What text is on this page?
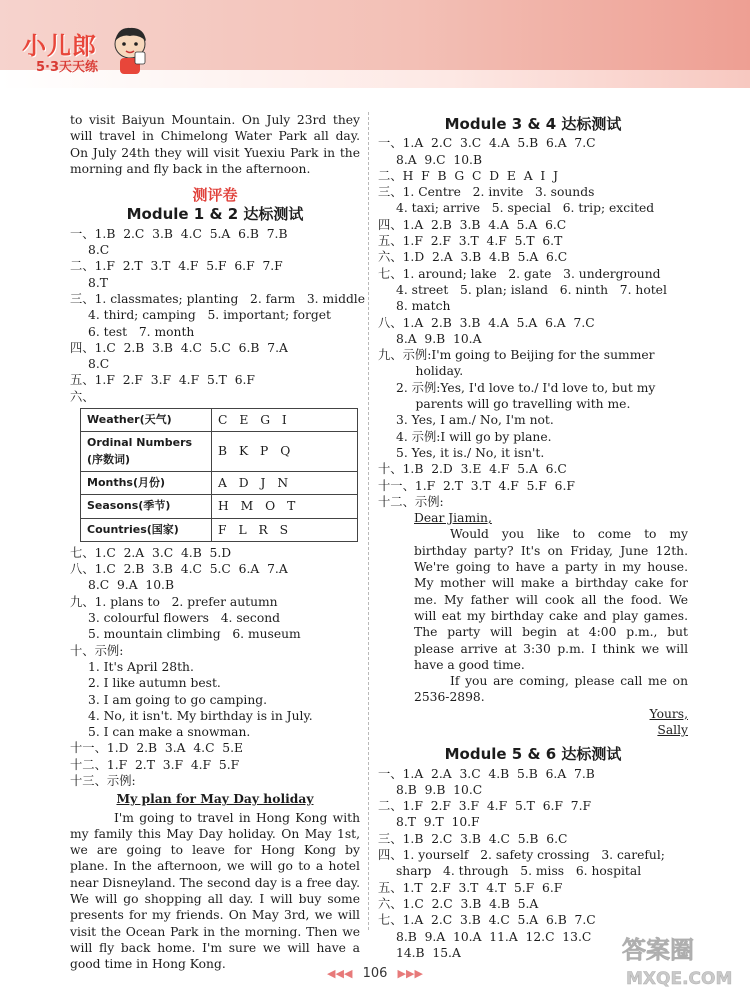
小儿郎
5·3天天练

to visit Baiyun Mountain. On July 23rd they will travel in Chimelong Water Park all day. On July 24th they will visit Yuexiu Park in the morning and fly back in the afternoon.

测评卷
Module 1 & 2 达标测试
一、 1.B  2.C  3.B  4.C  5.A  6.B  7.B
8.C
二、 1.F  2.T  3.T  4.F  5.F  6.F  7.F
8.T
三、 1. classmates; planting   2. farm   3. middle
4. third; camping   5. important; forget
6. test   7. month
四、 1.C  2.B  3.B  4.C  5.C  6.B  7.A
8.C
五、 1.F  2.F  3.F  4.F  5.T  6.F
六、
Weather(天气)	C E G I
Ordinal Numbers
(序数词)	B K P Q
Months(月份)	A D J N
Seasons(季节)	H M O T
Countries(国家)	F L R S
七、 1.C  2.A  3.C  4.B  5.D
八、 1.C  2.B  3.B  4.C  5.C  6.A  7.A
8.C  9.A  10.B
九、 1. plans to   2. prefer autumn
3. colourful flowers   4. second
5. mountain climbing   6. museum
十、 示例:
1. It's April 28th.
2. I like autumn best.
3. I am going to go camping.
4. No, it isn't. My birthday is in July.
5. I can make a snowman.
十一、 1.D  2.B  3.A  4.C  5.E
十二、 1.F  2.T  3.F  4.F  5.F
十三、 示例:
My plan for May Day holiday

I'm going to travel in Hong Kong with my family this May Day holiday. On May 1st, we are going to leave for Hong Kong by plane. In the afternoon, we will go to a hotel near Disneyland. The second day is a free day. We will go shopping all day. I will buy some presents for my friends. On May 3rd, we will visit the Ocean Park in the morning. Then we will fly back home. I'm sure we will have a good time in Hong Kong.

Module 3 & 4 达标测试
一、 1.A  2.C  3.C  4.A  5.B  6.A  7.C
8.A  9.C  10.B
二、 H  F  B  G  C  D  E  A  I  J
三、 1. Centre   2. invite   3. sounds
4. taxi; arrive   5. special   6. trip; excited
四、 1.A  2.B  3.B  4.A  5.A  6.C
五、 1.F  2.F  3.T  4.F  5.T  6.T
六、 1.D  2.A  3.B  4.B  5.A  6.C
七、 1. around; lake   2. gate   3. underground
4. street   5. plan; island   6. ninth   7. hotel
8. match
八、 1.A  2.B  3.B  4.A  5.A  6.A  7.C
8.A  9.B  10.A
九、 示例:I'm going to Beijing for the summer
holiday.
2. 示例:Yes, I'd love to./ I'd love to, but my
parents will go travelling with me.
3. Yes, I am./ No, I'm not.
4. 示例:I will go by plane.
5. Yes, it is./ No, it isn't.
十、 1.B  2.D  3.E  4.F  5.A  6.C
十一、 1.F  2.T  3.T  4.F  5.F  6.F
十二、 示例:
Dear Jiamin,

Would you like to come to my birthday party? It's on Friday, June 12th. We're going to have a party in my house. My mother will make a birthday cake for me. My father will cook all the food. We will eat my birthday cake and play games. The party will begin at 4:00 p.m., but please arrive at 3:30 p.m. I think we will have a good time.

If you are coming, please call me on 2536-2898.

Yours,
Sally
Module 5 & 6 达标测试
一、 1.A  2.A  3.C  4.B  5.B  6.A  7.B
8.B  9.B  10.C
二、 1.F  2.F  3.F  4.F  5.T  6.F  7.F
8.T  9.T  10.F
三、 1.B  2.C  3.B  4.C  5.B  6.C
四、 1. yourself   2. safety crossing   3. careful;
sharp   4. through   5. miss   6. hospital
五、 1.T  2.F  3.T  4.T  5.F  6.F
六、 1.C  2.C  3.B  4.B  5.A
七、 1.A  2.C  3.B  4.C  5.A  6.B  7.C
8.B  9.A  10.A  11.A  12.C  13.C
14.B  15.A
◀◀◀ 106 ▶▶▶
答案圈
MXQE.COM
